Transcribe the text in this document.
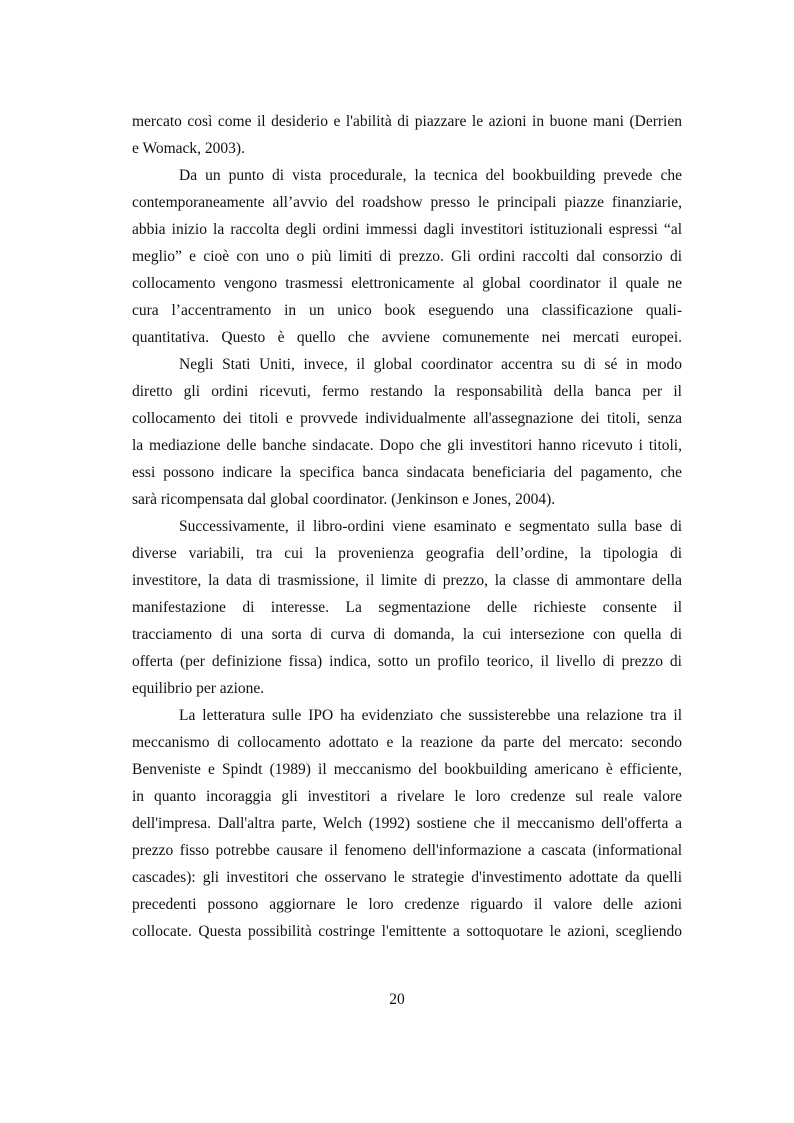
mercato così come il desiderio e l'abilità di piazzare le azioni in buone mani (Derrien
e Womack, 2003).
Da un punto di vista procedurale, la tecnica del bookbuilding prevede che
contemporaneamente all’avvio del roadshow presso le principali piazze finanziarie,
abbia inizio la raccolta degli ordini immessi dagli investitori istituzionali espressi “al
meglio” e cioè con uno o più limiti di prezzo. Gli ordini raccolti dal consorzio di
collocamento vengono trasmessi elettronicamente al global coordinator il quale ne
cura l’accentramento in un unico book eseguendo una classificazione quali-
quantitativa. Questo è quello che avviene comunemente nei mercati europei.
Negli Stati Uniti, invece, il global coordinator accentra su di sé in modo
diretto gli ordini ricevuti, fermo restando la responsabilità della banca per il
collocamento dei titoli e provvede individualmente all'assegnazione dei titoli, senza
la mediazione delle banche sindacate. Dopo che gli investitori hanno ricevuto i titoli,
essi possono indicare la specifica banca sindacata beneficiaria del pagamento, che
sarà ricompensata dal global coordinator. (Jenkinson e Jones, 2004).
Successivamente, il libro-ordini viene esaminato e segmentato sulla base di
diverse variabili, tra cui la provenienza geografia dell’ordine, la tipologia di
investitore, la data di trasmissione, il limite di prezzo, la classe di ammontare della
manifestazione di interesse. La segmentazione delle richieste consente il
tracciamento di una sorta di curva di domanda, la cui intersezione con quella di
offerta (per definizione fissa) indica, sotto un profilo teorico, il livello di prezzo di
equilibrio per azione.
La letteratura sulle IPO ha evidenziato che sussisterebbe una relazione tra il
meccanismo di collocamento adottato e la reazione da parte del mercato: secondo
Benveniste e Spindt (1989) il meccanismo del bookbuilding americano è efficiente,
in quanto incoraggia gli investitori a rivelare le loro credenze sul reale valore
dell'impresa. Dall'altra parte, Welch (1992) sostiene che il meccanismo dell'offerta a
prezzo fisso potrebbe causare il fenomeno dell'informazione a cascata (informational
cascades): gli investitori che osservano le strategie d'investimento adottate da quelli
precedenti possono aggiornare le loro credenze riguardo il valore delle azioni
collocate. Questa possibilità costringe l'emittente a sottoquotare le azioni, scegliendo
20
